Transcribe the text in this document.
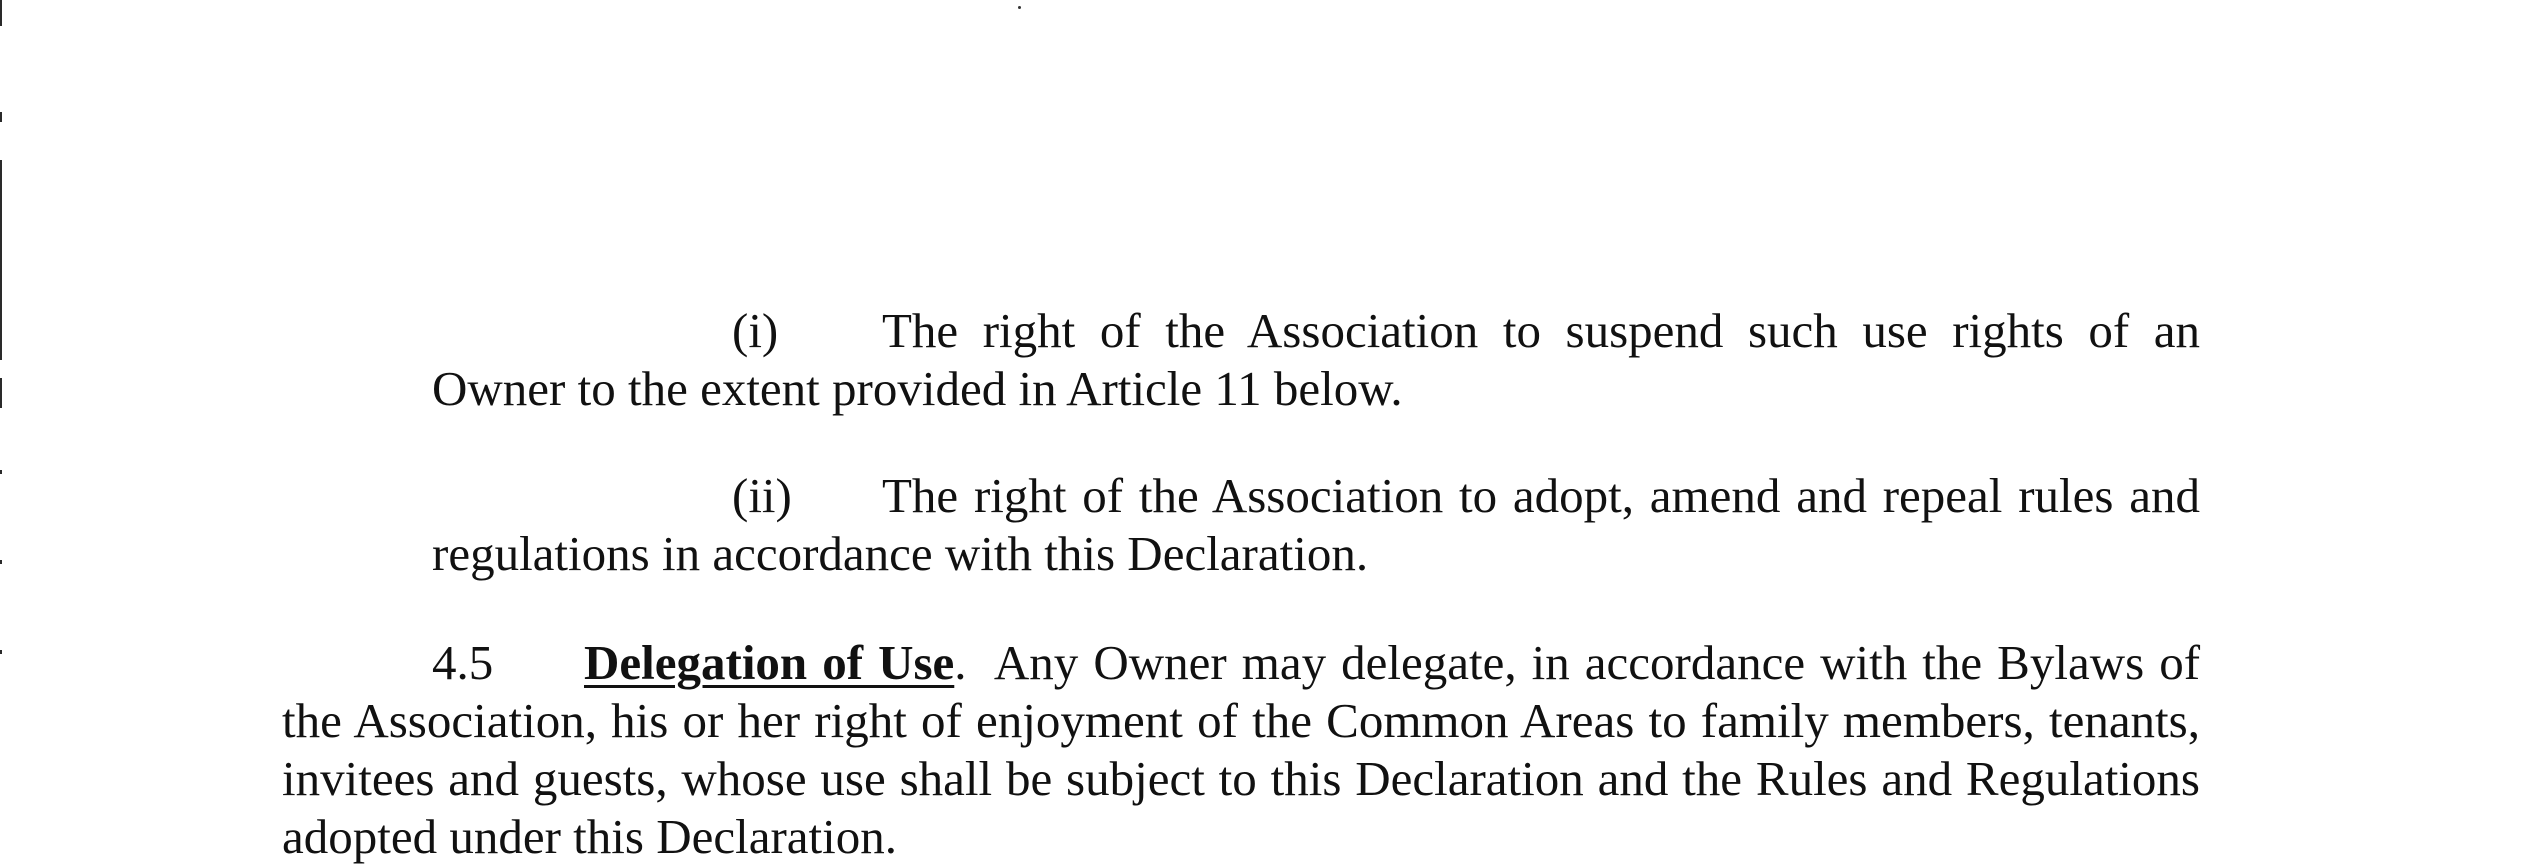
(i) The right of the Association to suspend such use rights of an Owner to the extent provided in Article 11 below.
(ii) The right of the Association to adopt, amend and repeal rules and regulations in accordance with this Declaration.
4.5 Delegation of Use. Any Owner may delegate, in accordance with the Bylaws of the Association, his or her right of enjoyment of the Common Areas to family members, tenants, invitees and guests, whose use shall be subject to this Declaration and the Rules and Regulations adopted under this Declaration.
